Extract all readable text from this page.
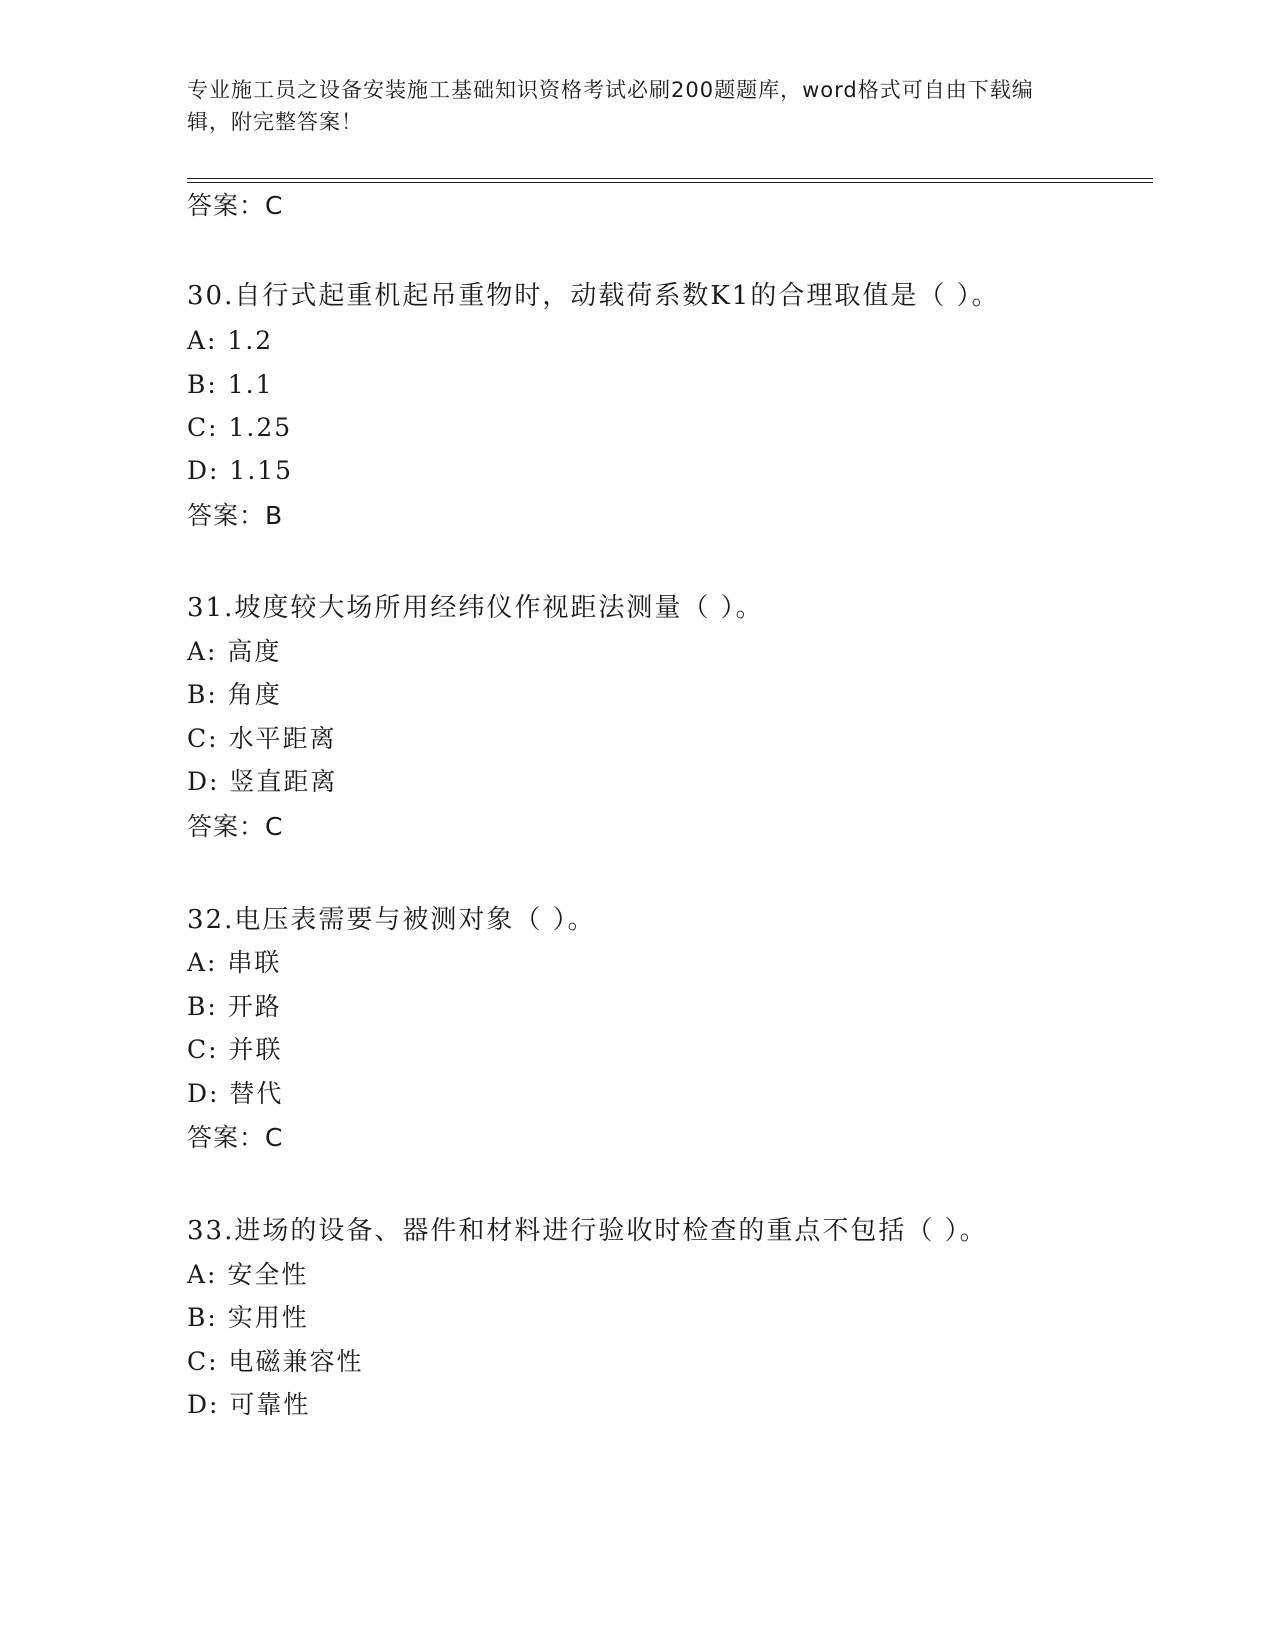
专业施工员之设备安装施工基础知识资格考试必刷200题题库，word格式可自由下载编辑，附完整答案！
答案：C
30.自行式起重机起吊重物时，动载荷系数K1的合理取值是（ ）。
A: 1.2
B: 1.1
C: 1.25
D: 1.15
答案：B
31.坡度较大场所用经纬仪作视距法测量（ ）。
A: 高度
B: 角度
C: 水平距离
D: 竖直距离
答案：C
32.电压表需要与被测对象（ ）。
A: 串联
B: 开路
C: 并联
D: 替代
答案：C
33.进场的设备、器件和材料进行验收时检查的重点不包括（ ）。
A: 安全性
B: 实用性
C: 电磁兼容性
D: 可靠性
